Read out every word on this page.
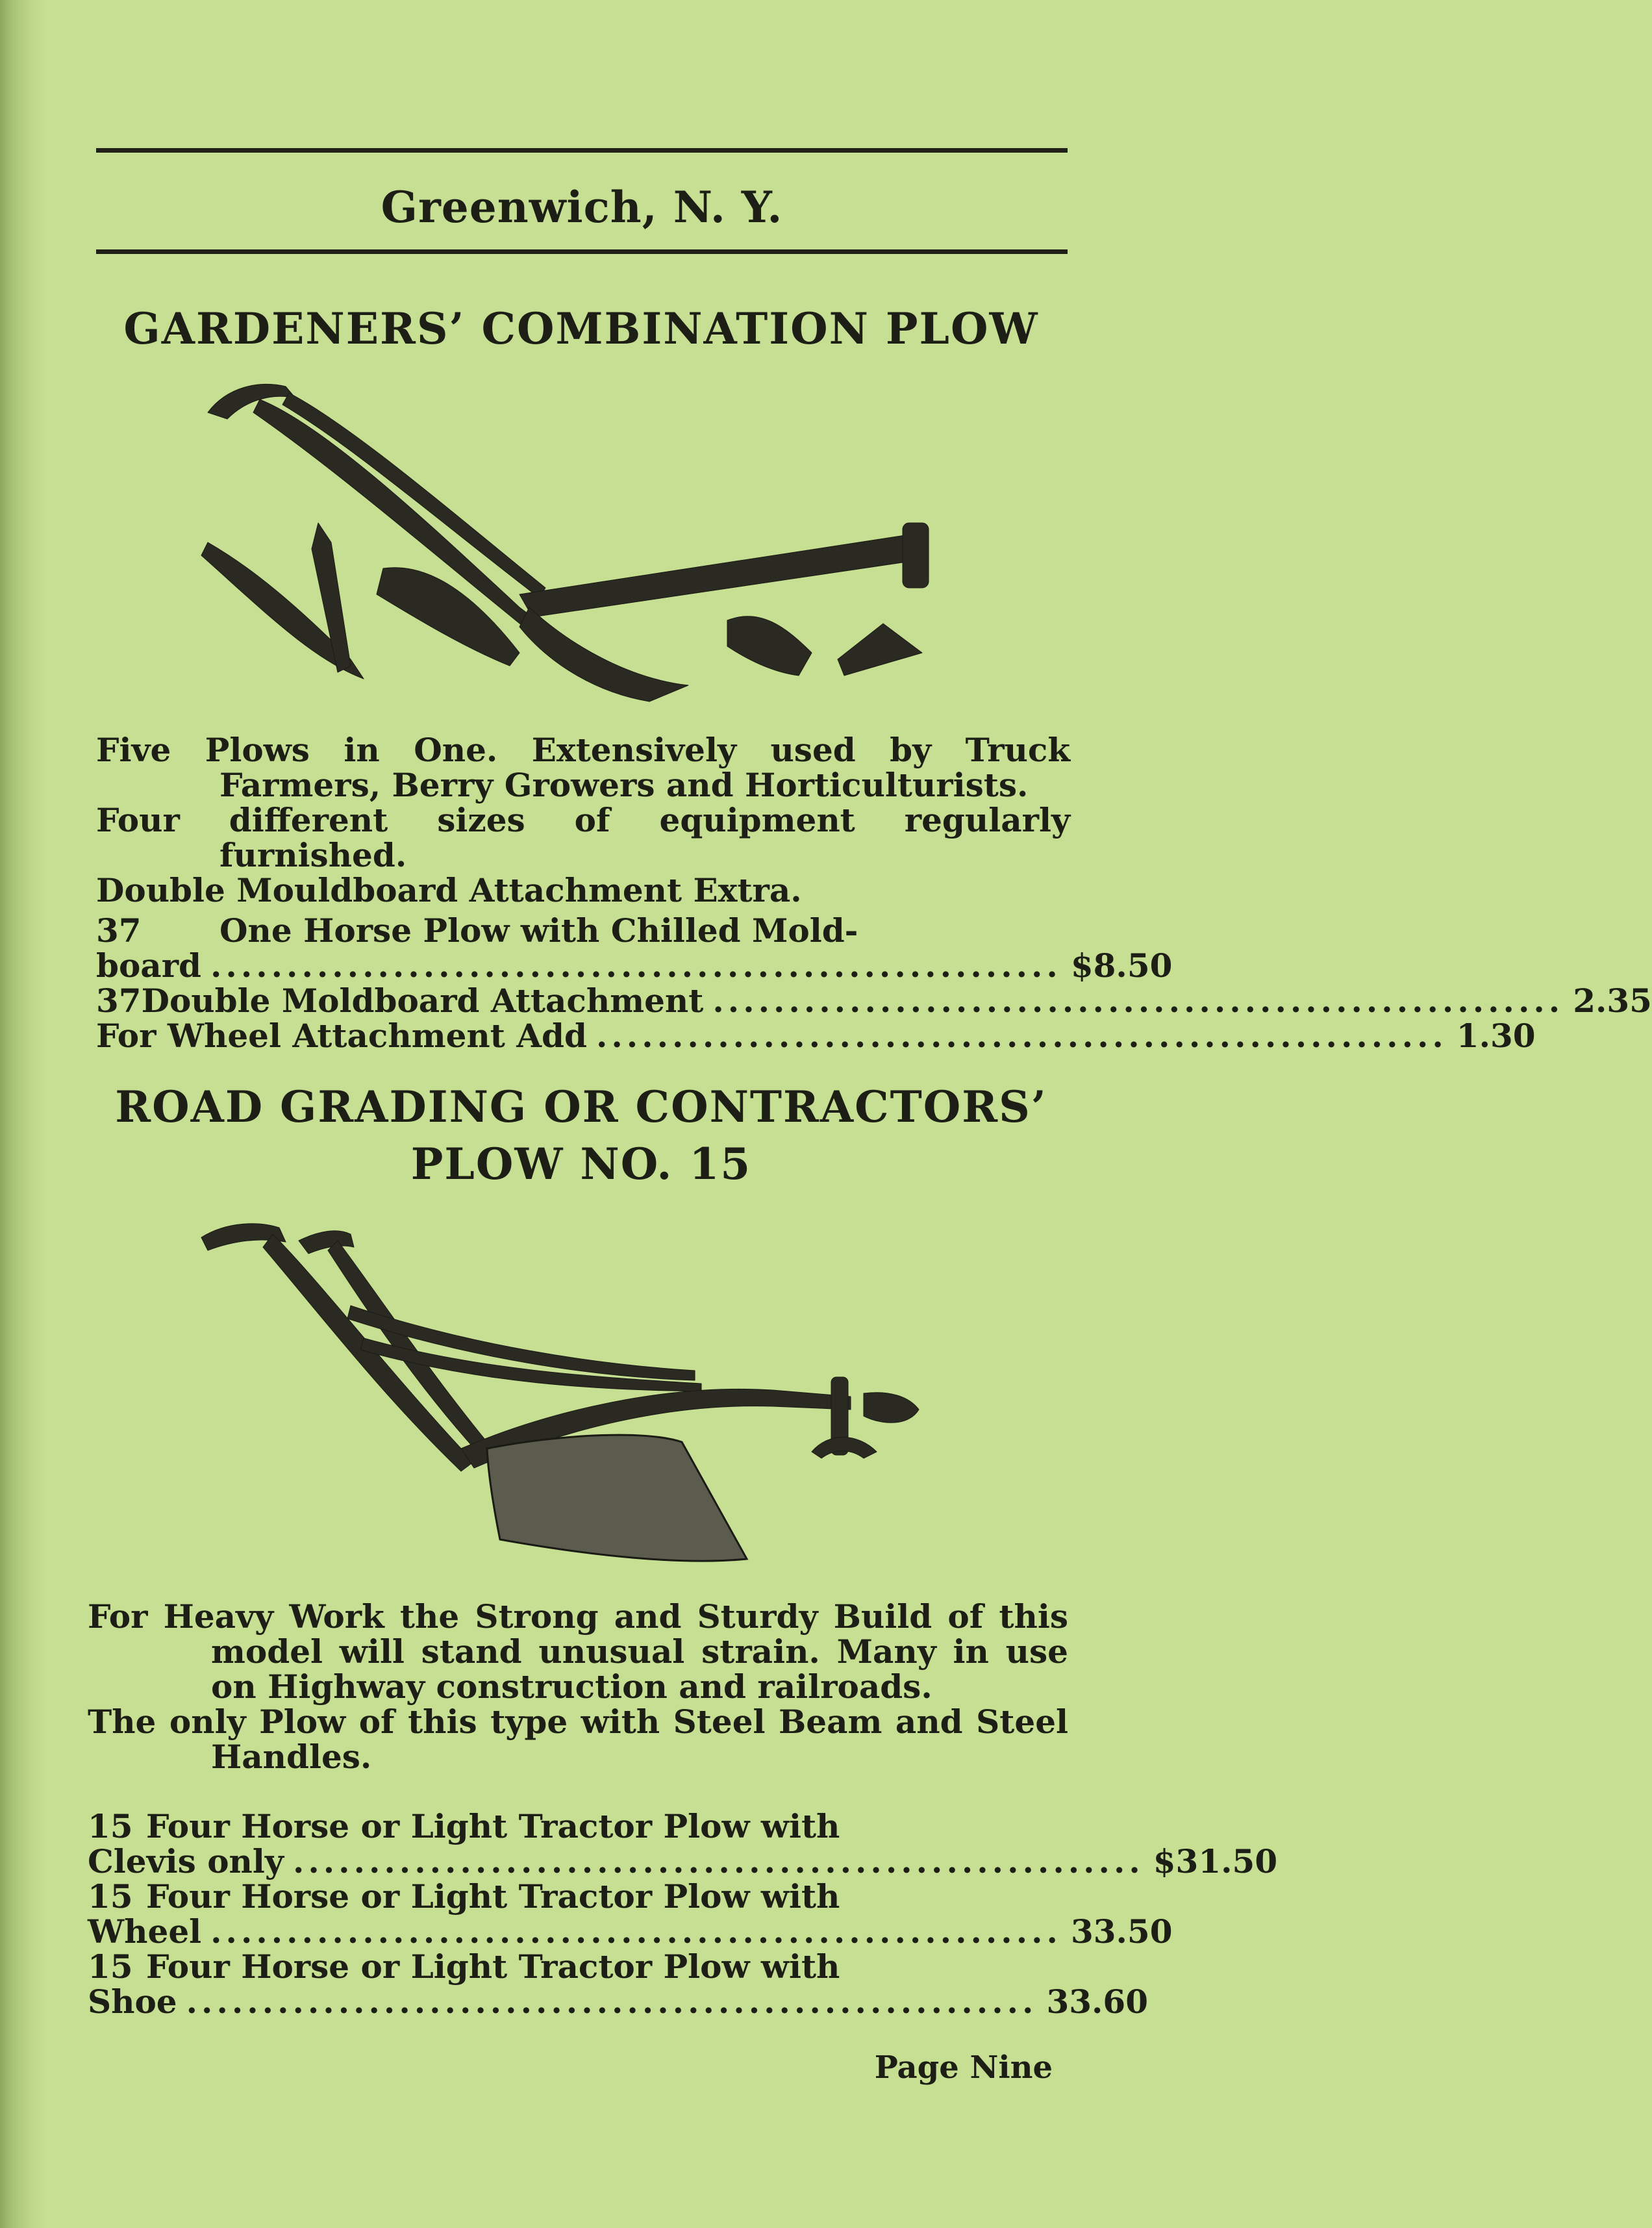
Greenwich, N. Y.
GARDENERS’ COMBINATION PLOW

Five Plows in One. Extensively used by Truck Farmers, Berry Growers and Horticulturists.

Four different sizes of equipment regularly furnished.

Double Mouldboard Attachment Extra.

37	One Horse Plow with Chilled Mold-
board ........................................................ $8.50
37 Double Moldboard Attachment ........................................................ 2.35
For Wheel Attachment Add ........................................................ 1.30
ROAD GRADING OR CONTRACTORS’
PLOW NO. 15

For Heavy Work the Strong and Sturdy Build of this model will stand unusual strain. Many in use on Highway construction and railroads.

The only Plow of this type with Steel Beam and Steel Handles.

15 Four Horse or Light Tractor Plow with
Clevis only ........................................................ $31.50
15 Four Horse or Light Tractor Plow with
Wheel ........................................................ 33.50
15 Four Horse or Light Tractor Plow with
Shoe ........................................................ 33.60
Page Nine
